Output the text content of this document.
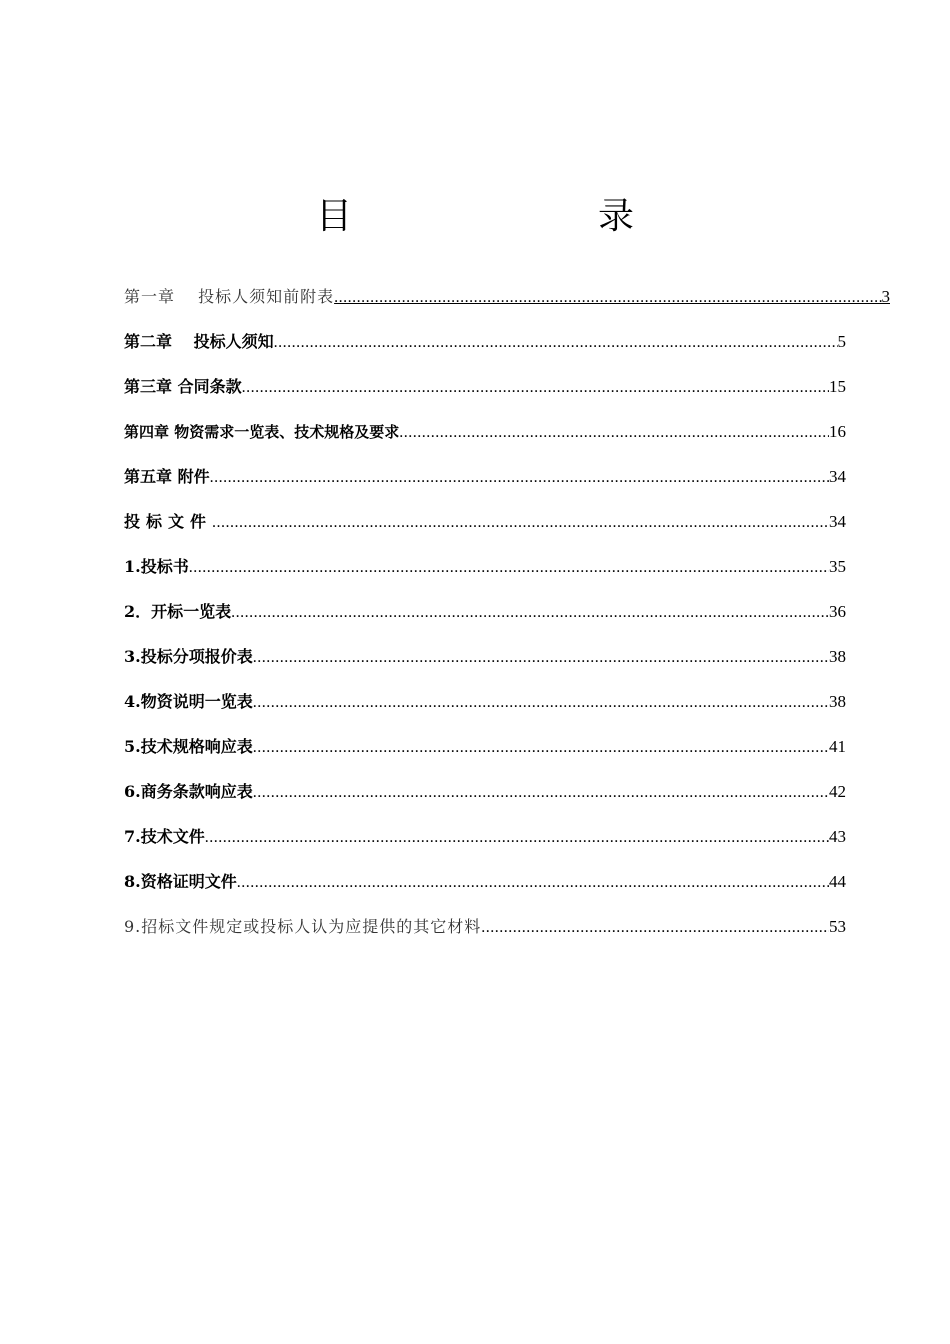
目　　录
第一章　 投标人须知前附表 .....	3
第二章　 投标人须知 .....	5
第三章 合同条款 .....	15
第四章 物资需求一览表、技术规格及要求 .....	16
第五章 附件 .....	34
投标文件 .....	34
1.投标书 .....	35
2．开标一览表 .....	36
3.投标分项报价表 .....	38
4.物资说明一览表 .....	38
5.技术规格响应表 .....	41
6.商务条款响应表 .....	42
7.技术文件 .....	43
8.资格证明文件 .....	44
9.招标文件规定或投标人认为应提供的其它材料 .....	53
